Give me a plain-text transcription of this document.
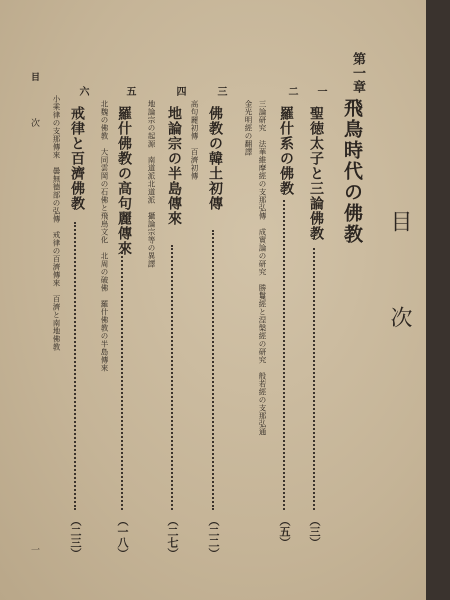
目　次
第一章
飛鳥時代の佛教
一
聖徳太子と三論佛教
（三）
二
羅什系の佛教
（五）
三論研究　法華維摩經の支那弘傳　成實論の研究　勝鬘經と涅槃經の研究　般若經の支那弘通
金光明經の翻譯
三
佛教の韓土初傳
（二二）
高句麗初傳　百濟初傳
四
地論宗の半島傳來
（二七）
地論宗の起源　南道派北道派　攝論宗等の異譯
五
羅什佛教の高句麗傳來
（一八）
北魏の佛教　大同雲岡の石佛と飛鳥文化　北周の破佛　羅什佛教の半島傳來
六
戒律と百濟佛教
（二三）
小乘律の支那傳來　曇無德部の弘傳　戒律の百濟傳來　百濟と南地佛教
目
次
一
